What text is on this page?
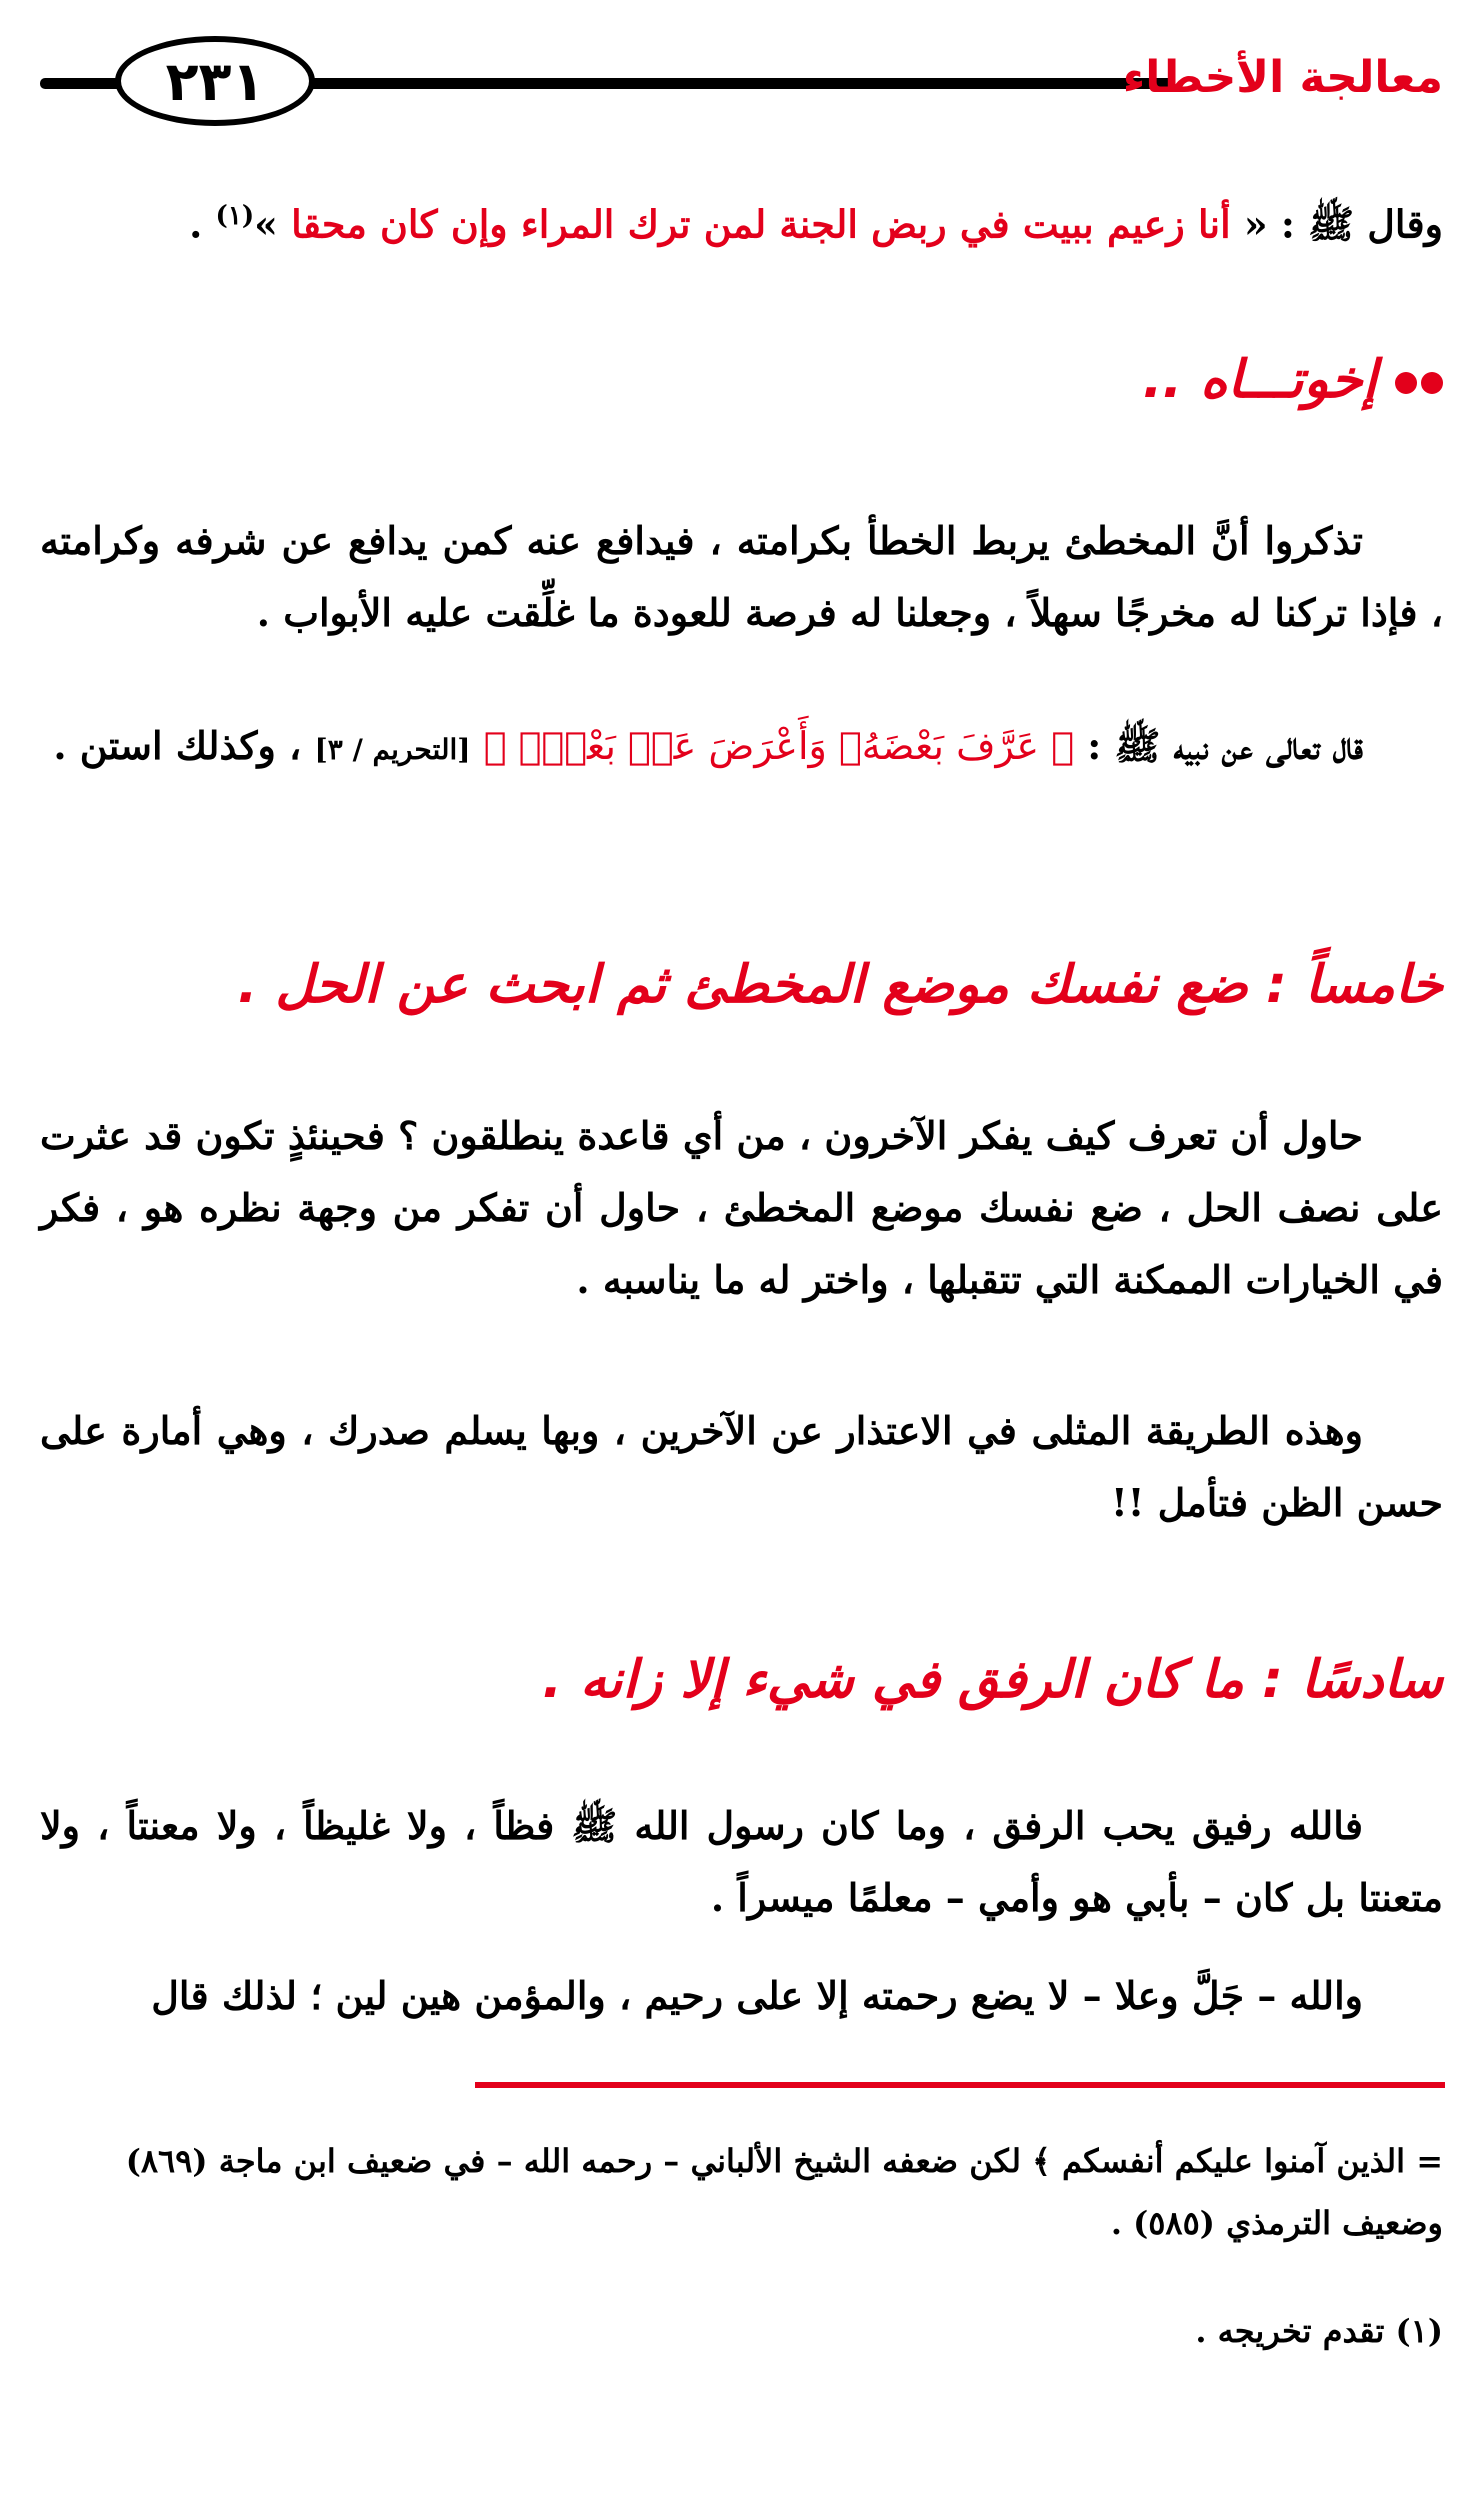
٢٣١	معالجة الأخطاء
وقال ﷺ : « أنا زعيم ببيت في ربض الجنة لمن ترك المراء وإن كان محقا »$^{(١)}$ .
إخوتـــاه ..
تذكروا أنَّ المخطئ يربط الخطأ بكرامته ، فيدافع عنه كمن يدافع عن شرفه وكرامته ، فإذا تركنا له مخرجًا سهلاً ، وجعلنا له فرصة للعودة ما غلِّقت عليه الأبواب .
قال تعالى عن نبيه ﷺ : ﴿ عَرَّفَ بَعْضَهُۥ وَأَعْرَضَ عَنۢ بَعْضٍۢ ﴾ [التحريم / ٣] ، وكذلك استن .
خامساً : ضع نفسك موضع المخطئ ثم ابحث عن الحل .
حاول أن تعرف كيف يفكر الآخرون ، من أي قاعدة ينطلقون ؟ فحينئذٍ تكون قد عثرت على نصف الحل ، ضع نفسك موضع المخطئ ، حاول أن تفكر من وجهة نظره هو ، فكر في الخيارات الممكنة التي تتقبلها ، واختر له ما يناسبه .
وهذه الطريقة المثلى في الاعتذار عن الآخرين ، وبها يسلم صدرك ، وهي أمارة على حسن الظن فتأمل !!
سادسًا : ما كان الرفق في شيء إلا زانه .
فالله رفيق يحب الرفق ، وما كان رسول الله ﷺ فظاً ، ولا غليظاً ، ولا معنتاً ، ولا متعنتا بل كان – بأبي هو وأمي – معلمًا ميسراً .
والله – جَلَّ وعلا – لا يضع رحمته إلا على رحيم ، والمؤمن هين لين ؛ لذلك قال
= الذين آمنوا عليكم أنفسكم ﴾ لكن ضعفه الشيخ الألباني – رحمه الله – في ضعيف ابن ماجة (٨٦٩) وضعيف الترمذي (٥٨٥) .
(١) تقدم تخريجه .
